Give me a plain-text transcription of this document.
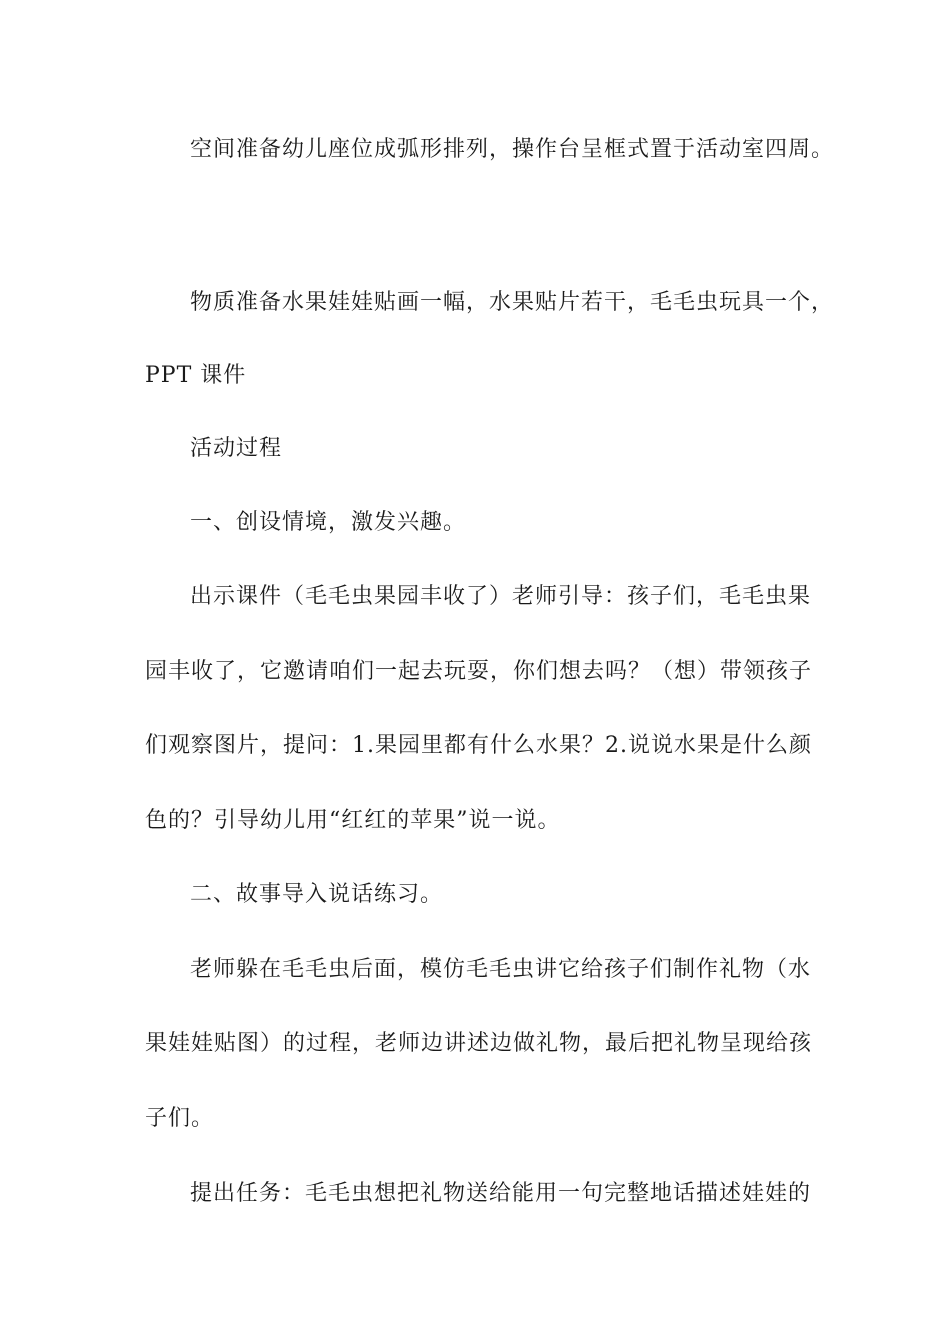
空间准备幼儿座位成弧形排列，操作台呈框式置于活动室四周。
物质准备水果娃娃贴画一幅，水果贴片若干，毛毛虫玩具一个，
PPT 课件
活动过程
一、创设情境，激发兴趣。
出示课件（毛毛虫果园丰收了）老师引导：孩子们，毛毛虫果
园丰收了，它邀请咱们一起去玩耍，你们想去吗？（想）带领孩子
们观察图片，提问：1.果园里都有什么水果？2.说说水果是什么颜
色的？引导幼儿用“红红的苹果”说一说。
二、故事导入说话练习。
老师躲在毛毛虫后面，模仿毛毛虫讲它给孩子们制作礼物（水
果娃娃贴图）的过程，老师边讲述边做礼物，最后把礼物呈现给孩
子们。
提出任务：毛毛虫想把礼物送给能用一句完整地话描述娃娃的
